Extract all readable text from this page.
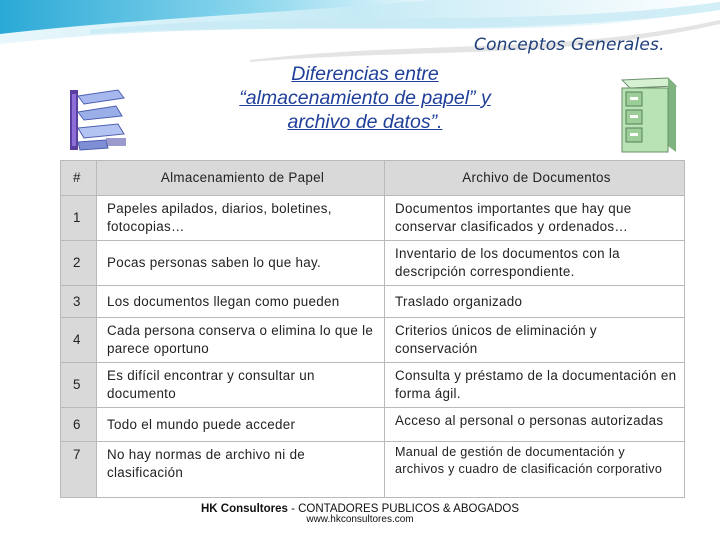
Conceptos Generales.
Diferencias entre
“almacenamiento de papel” y
archivo de datos”.
#	Almacenamiento de Papel	Archivo de Documentos
1	Papeles apilados, diarios, boletines, fotocopias…	Documentos importantes que hay que conservar clasificados y ordenados…
2	Pocas personas saben lo que hay.	Inventario de los documentos con la descripción correspondiente.
3	Los documentos llegan como pueden	Traslado organizado
4	Cada persona conserva o elimina lo que le parece oportuno	Criterios únicos de eliminación y conservación
5	Es difícil encontrar y consultar un documento	Consulta y préstamo de la documentación en forma ágil.
6	Todo el mundo puede acceder	Acceso al personal o personas autorizadas

7	No hay normas de archivo ni de clasificación	Manual de gestión de documentación y archivos y cuadro de clasificación corporativo
HK Consultores - CONTADORES PUBLICOS & ABOGADOS
www.hkconsultores.com
